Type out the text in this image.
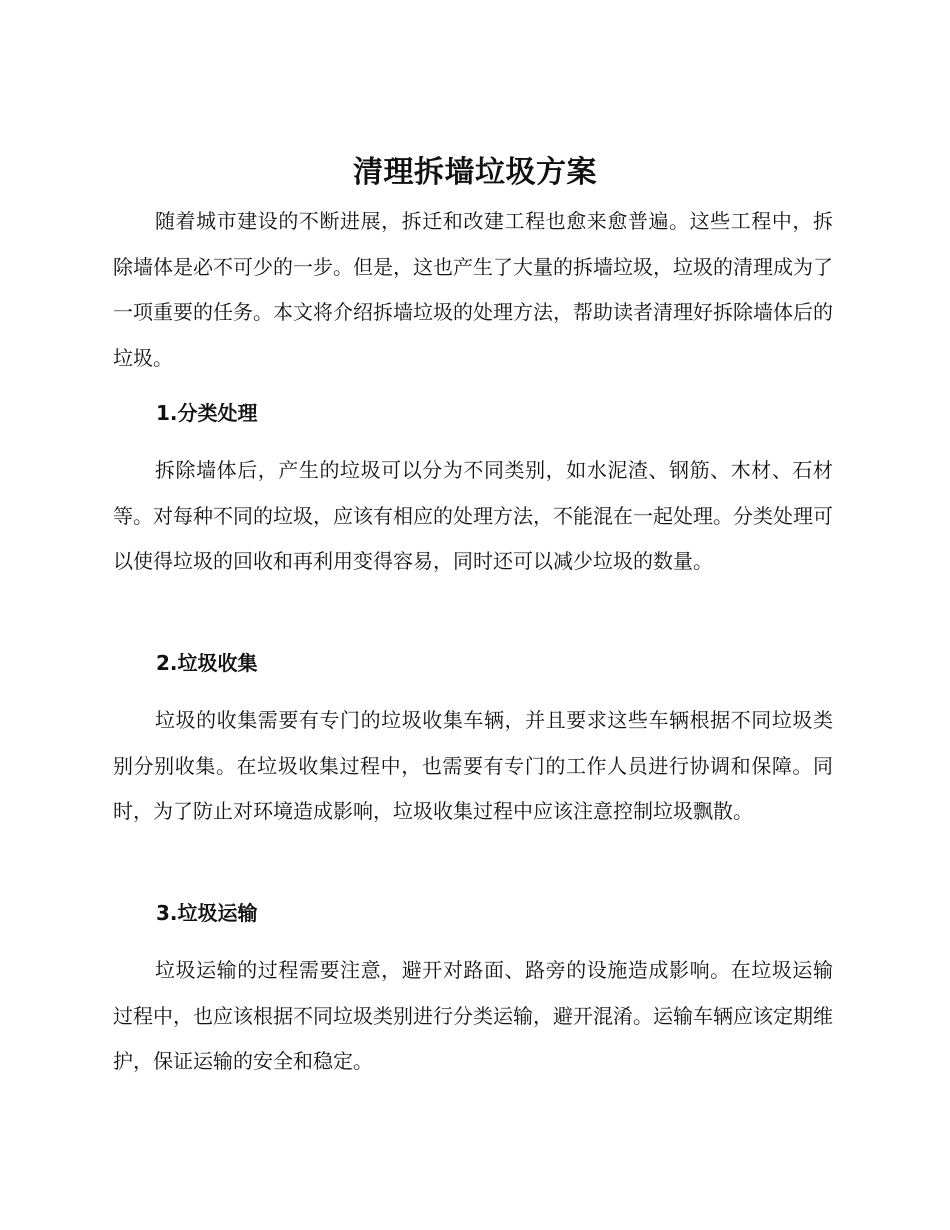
清理拆墙垃圾方案

随着城市建设的不断进展，拆迁和改建工程也愈来愈普遍。这些工程中，拆除墙体是必不可少的一步。但是，这也产生了大量的拆墙垃圾，垃圾的清理成为了一项重要的任务。本文将介绍拆墙垃圾的处理方法，帮助读者清理好拆除墙体后的垃圾。

1.分类处理

拆除墙体后，产生的垃圾可以分为不同类别，如水泥渣、钢筋、木材、石材等。对每种不同的垃圾，应该有相应的处理方法，不能混在一起处理。分类处理可以使得垃圾的回收和再利用变得容易，同时还可以减少垃圾的数量。

2.垃圾收集

垃圾的收集需要有专门的垃圾收集车辆，并且要求这些车辆根据不同垃圾类别分别收集。在垃圾收集过程中，也需要有专门的工作人员进行协调和保障。同时，为了防止对环境造成影响，垃圾收集过程中应该注意控制垃圾飘散。

3.垃圾运输

垃圾运输的过程需要注意，避开对路面、路旁的设施造成影响。在垃圾运输过程中，也应该根据不同垃圾类别进行分类运输，避开混淆。运输车辆应该定期维护，保证运输的安全和稳定。
